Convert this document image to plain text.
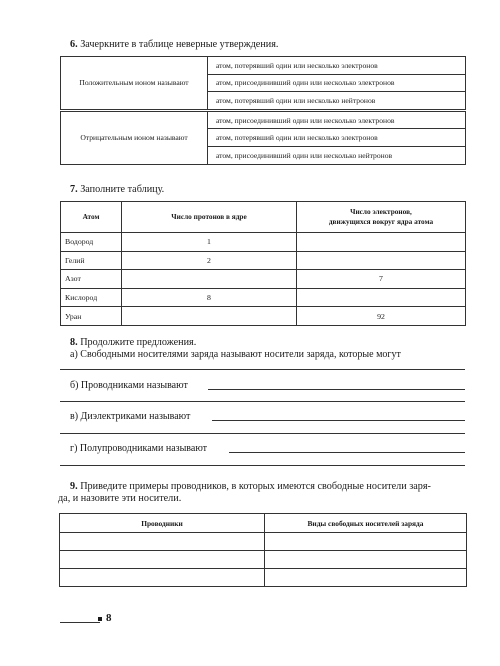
6. Зачеркните в таблице неверные утверждения.
Положительным ионом называют	атом, потерявший один или несколько электронов
	атом, присоединивший один или несколько электронов
	атом, потерявший один или несколько нейтронов
Отрицательным ионом называют	атом, присоединивший один или несколько электронов
	атом, потерявший один или несколько электронов
	атом, присоединивший один или несколько нейтронов
7. Заполните таблицу.
Атом	Число протонов в ядре	Число электронов,
движущихся вокруг ядра атома
Водород	1	
Гелий	2	
Азот		7
Кислород	8	
Уран		92
8. Продолжите предложения.
а) Свободными носителями заряда называют носители заряда, которые могут
б) Проводниками называют
в) Диэлектриками называют
г) Полупроводниками называют
9. Приведите примеры проводников, в которых имеются свободные носители заря-
да, и назовите эти носители.
Проводники	Виды свободных носителей заряда

8
